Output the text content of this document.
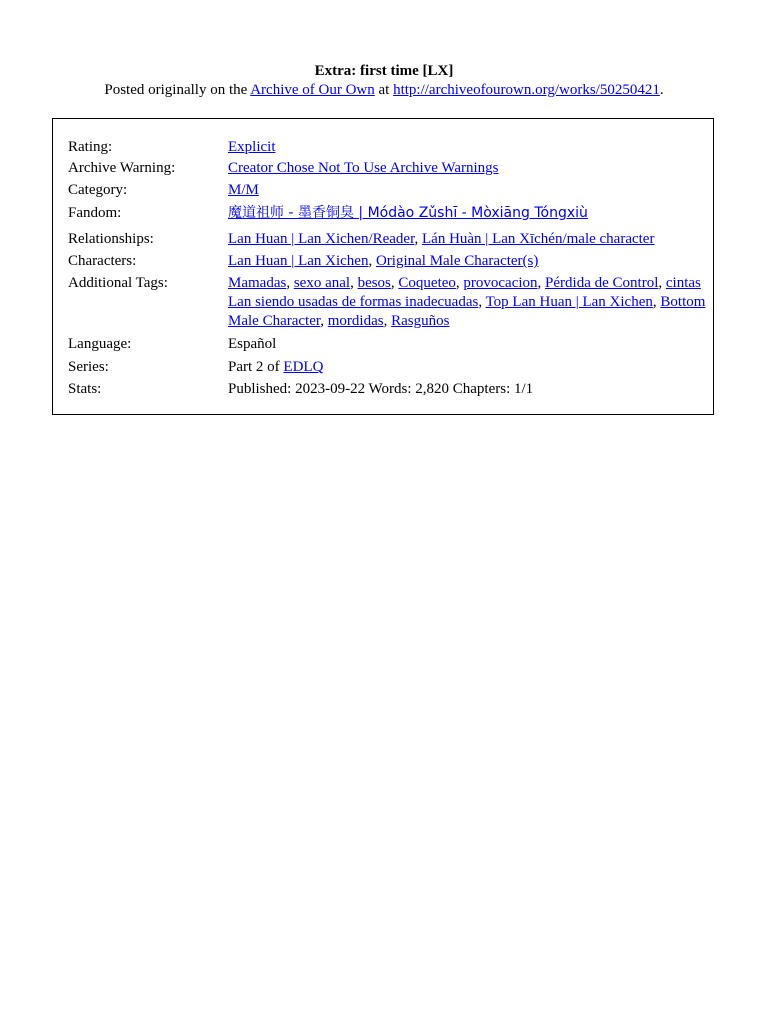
Extra: first time [LX]
Posted originally on the Archive of Our Own at http://archiveofourown.org/works/50250421.
Rating:	Explicit
Archive Warning:	Creator Chose Not To Use Archive Warnings
Category:	M/M
Fandom:	魔道祖师 - 墨香铜臭 | Módào Zǔshī - Mòxiāng Tóngxiù
Relationships:	Lan Huan | Lan Xichen/Reader, Lán Huàn | Lan Xīchén/male character
Characters:	Lan Huan | Lan Xichen, Original Male Character(s)
Additional Tags:	Mamadas, sexo anal, besos, Coqueteo, provocacion, Pérdida de Control, cintas Lan siendo usadas de formas inadecuadas, Top Lan Huan | Lan Xichen, Bottom Male Character, mordidas, Rasguños
Language:	Español
Series:	Part 2 of EDLQ
Stats:	Published: 2023-09-22 Words: 2,820 Chapters: 1/1
